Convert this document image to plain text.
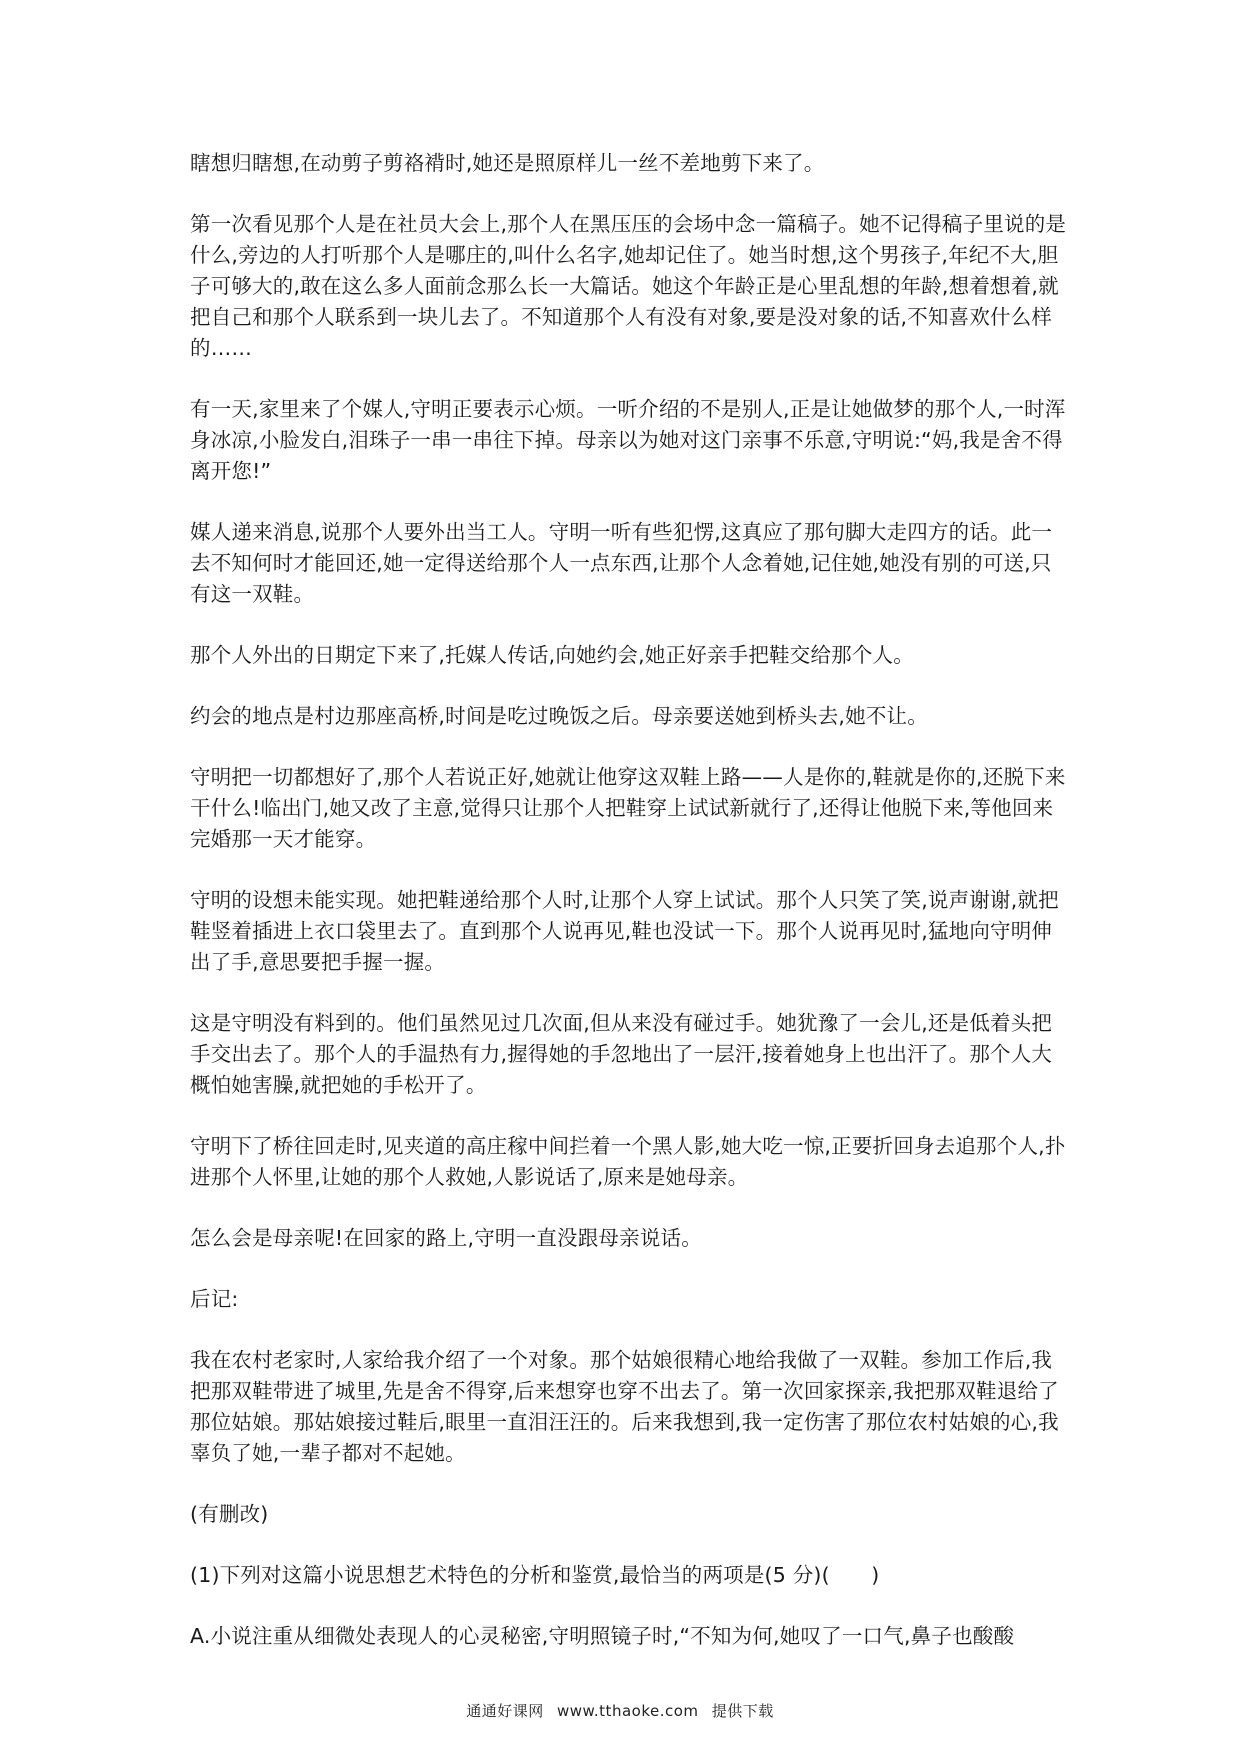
瞎想归瞎想,在动剪子剪袼褙时,她还是照原样儿一丝不差地剪下来了。

第一次看见那个人是在社员大会上,那个人在黑压压的会场中念一篇稿子。她不记得稿子里说的是什么,旁边的人打听那个人是哪庄的,叫什么名字,她却记住了。她当时想,这个男孩子,年纪不大,胆子可够大的,敢在这么多人面前念那么长一大篇话。她这个年龄正是心里乱想的年龄,想着想着,就把自己和那个人联系到一块儿去了。不知道那个人有没有对象,要是没对象的话,不知喜欢什么样的……

有一天,家里来了个媒人,守明正要表示心烦。一听介绍的不是别人,正是让她做梦的那个人,一时浑身冰凉,小脸发白,泪珠子一串一串往下掉。母亲以为她对这门亲事不乐意,守明说:“妈,我是舍不得离开您!”

媒人递来消息,说那个人要外出当工人。守明一听有些犯愣,这真应了那句脚大走四方的话。此一去不知何时才能回还,她一定得送给那个人一点东西,让那个人念着她,记住她,她没有别的可送,只有这一双鞋。

那个人外出的日期定下来了,托媒人传话,向她约会,她正好亲手把鞋交给那个人。

约会的地点是村边那座高桥,时间是吃过晚饭之后。母亲要送她到桥头去,她不让。

守明把一切都想好了,那个人若说正好,她就让他穿这双鞋上路——人是你的,鞋就是你的,还脱下来干什么!临出门,她又改了主意,觉得只让那个人把鞋穿上试试新就行了,还得让他脱下来,等他回来完婚那一天才能穿。

守明的设想未能实现。她把鞋递给那个人时,让那个人穿上试试。那个人只笑了笑,说声谢谢,就把鞋竖着插进上衣口袋里去了。直到那个人说再见,鞋也没试一下。那个人说再见时,猛地向守明伸出了手,意思要把手握一握。

这是守明没有料到的。他们虽然见过几次面,但从来没有碰过手。她犹豫了一会儿,还是低着头把手交出去了。那个人的手温热有力,握得她的手忽地出了一层汗,接着她身上也出汗了。那个人大概怕她害臊,就把她的手松开了。

守明下了桥往回走时,见夹道的高庄稼中间拦着一个黑人影,她大吃一惊,正要折回身去追那个人,扑进那个人怀里,让她的那个人救她,人影说话了,原来是她母亲。

怎么会是母亲呢!在回家的路上,守明一直没跟母亲说话。

后记:

我在农村老家时,人家给我介绍了一个对象。那个姑娘很精心地给我做了一双鞋。参加工作后,我把那双鞋带进了城里,先是舍不得穿,后来想穿也穿不出去了。第一次回家探亲,我把那双鞋退给了那位姑娘。那姑娘接过鞋后,眼里一直泪汪汪的。后来我想到,我一定伤害了那位农村姑娘的心,我辜负了她,一辈子都对不起她。

(有删改)

(1)下列对这篇小说思想艺术特色的分析和鉴赏,最恰当的两项是(5 分)(　　)

A.小说注重从细微处表现人的心灵秘密,守明照镜子时,“不知为何,她叹了一口气,鼻子也酸酸

通通好课网 www.tthaoke.com 提供下载
